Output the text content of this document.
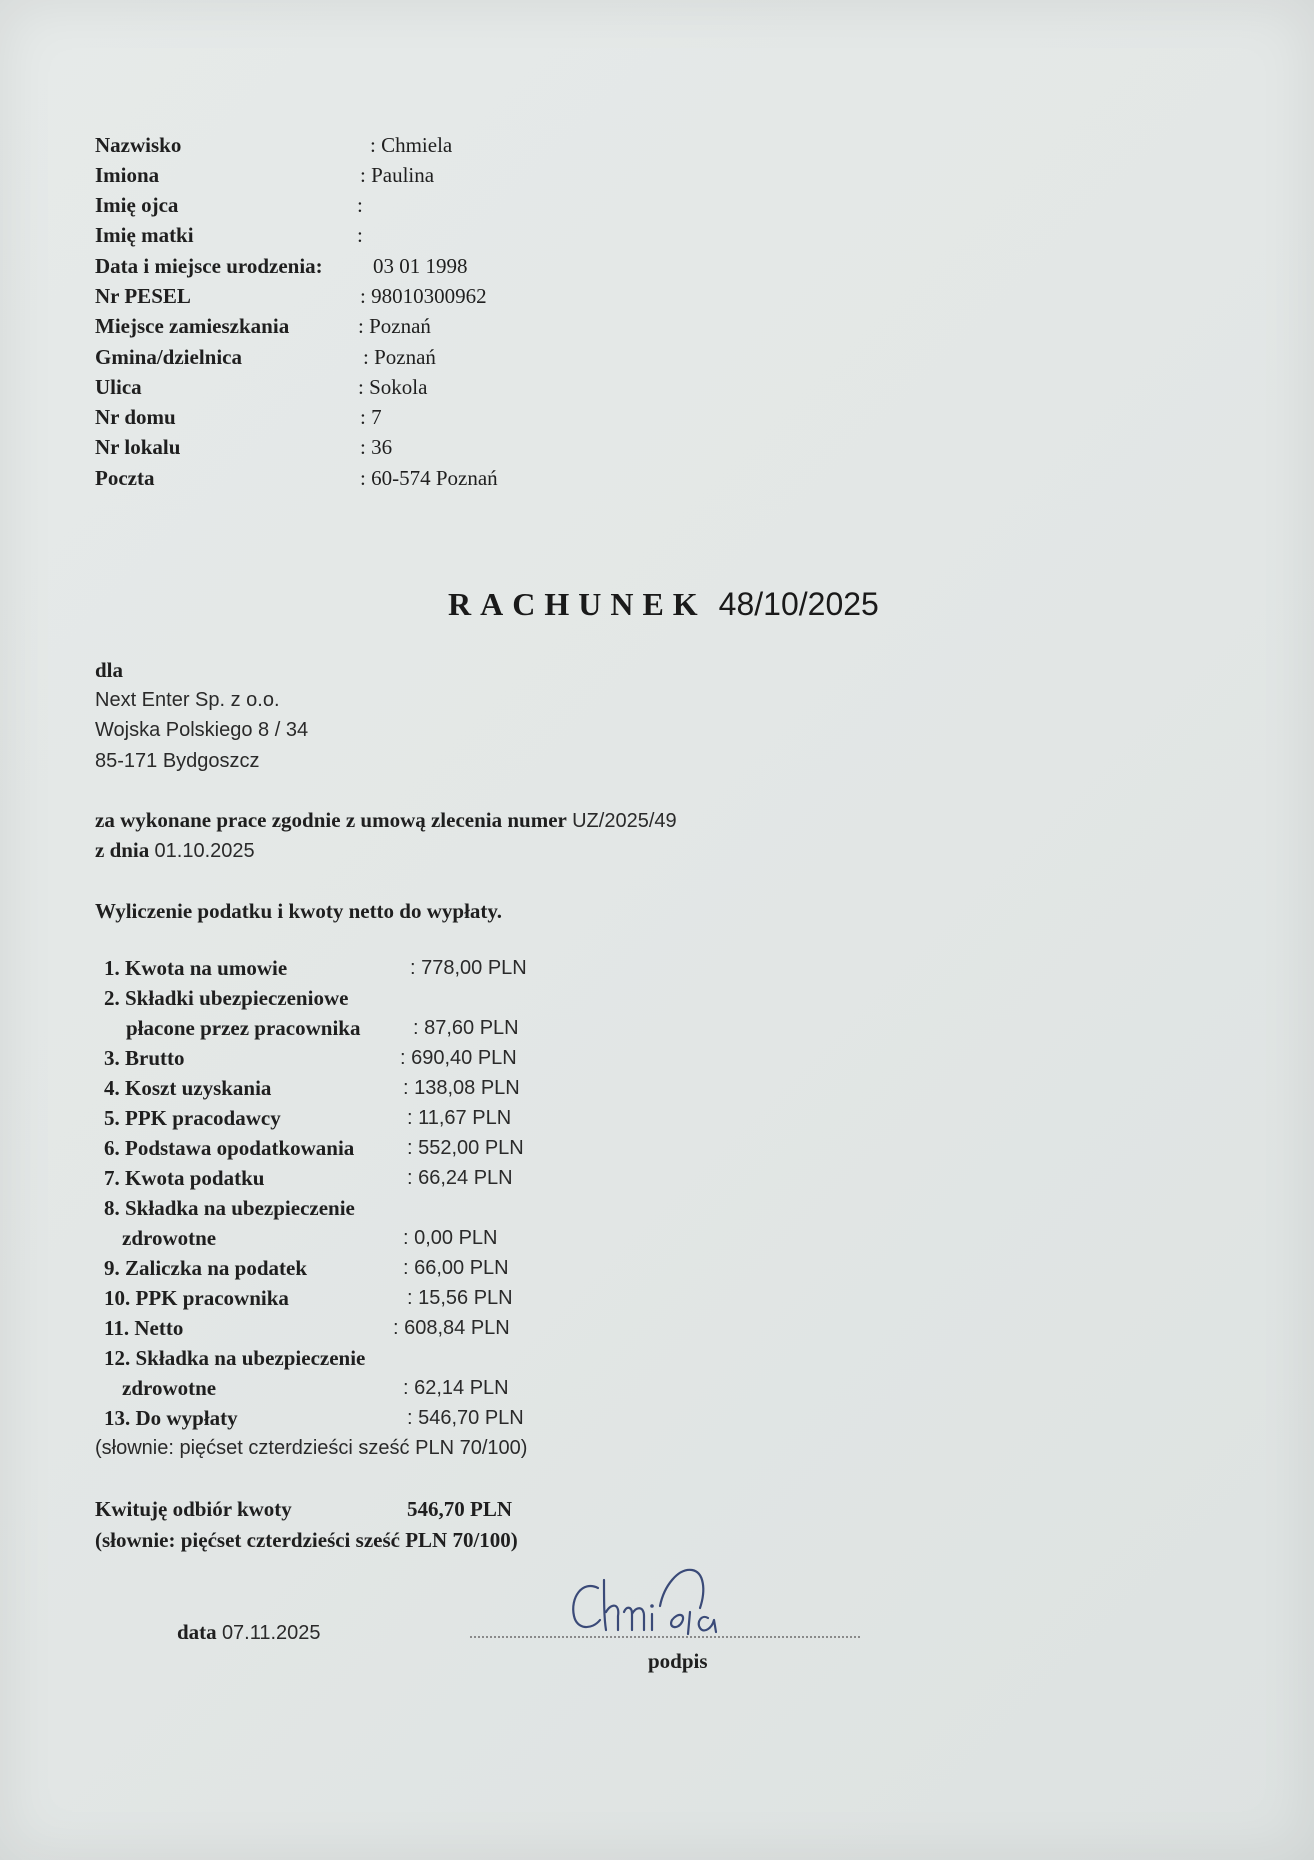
Nazwisko	: Chmiela
Imiona	: Paulina
Imię ojca	:
Imię matki	:
Data i miejsce urodzenia: 03 01 1998
Nr PESEL	: 98010300962
Miejsce zamieszkania	: Poznań
Gmina/dzielnica	: Poznań
Ulica	: Sokola
Nr domu	: 7
Nr lokalu	: 36
Poczta	: 60-574 Poznań
RACHUNEK 48/10/2025
dla
Next Enter Sp. z o.o.
Wojska Polskiego 8 / 34
85-171 Bydgoszcz
za wykonane prace zgodnie z umową zlecenia numer UZ/2025/49
z dnia 01.10.2025
Wyliczenie podatku i kwoty netto do wypłaty.
1. Kwota na umowie	: 778,00 PLN
2. Składki ubezpieczeniowe
płacone przez pracownika	: 87,60 PLN
3. Brutto	: 690,40 PLN
4. Koszt uzyskania	: 138,08 PLN
5. PPK pracodawcy	: 11,67 PLN
6. Podstawa opodatkowania	: 552,00 PLN
7. Kwota podatku	: 66,24 PLN
8. Składka na ubezpieczenie
zdrowotne	: 0,00 PLN
9. Zaliczka na podatek	: 66,00 PLN
10. PPK pracownika	: 15,56 PLN
11. Netto	: 608,84 PLN
12. Składka na ubezpieczenie
zdrowotne	: 62,14 PLN
13. Do wypłaty	: 546,70 PLN
(słownie: pięćset czterdzieści sześć PLN 70/100)
Kwituję odbiór kwoty	546,70 PLN
(słownie: pięćset czterdzieści sześć PLN 70/100)
data 07.11.2025
podpis
